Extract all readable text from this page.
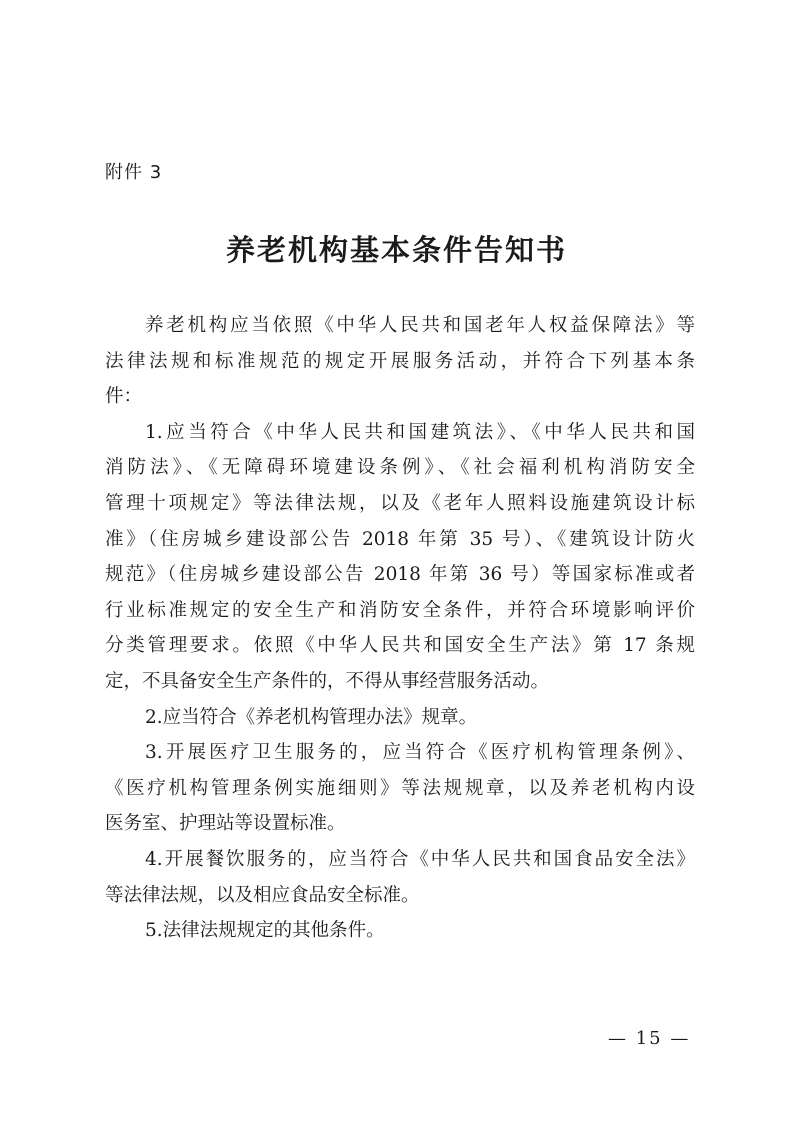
附件 3
养老机构基本条件告知书
养老机构应当依照《中华人民共和国老年人权益保障法》等
法律法规和标准规范的规定开展服务活动，并符合下列基本条
件：
1.应当符合《中华人民共和国建筑法》、《中华人民共和国
消防法》、《无障碍环境建设条例》、《社会福利机构消防安全
管理十项规定》等法律法规，以及《老年人照料设施建筑设计标
准》（住房城乡建设部公告 2018 年第 35 号）、《建筑设计防火
规范》（住房城乡建设部公告 2018 年第 36 号）等国家标准或者
行业标准规定的安全生产和消防安全条件，并符合环境影响评价
分类管理要求。依照《中华人民共和国安全生产法》第 17 条规
定，不具备安全生产条件的，不得从事经营服务活动。
2.应当符合《养老机构管理办法》规章。
3.开展医疗卫生服务的，应当符合《医疗机构管理条例》、
《医疗机构管理条例实施细则》等法规规章，以及养老机构内设
医务室、护理站等设置标准。
4.开展餐饮服务的，应当符合《中华人民共和国食品安全法》
等法律法规，以及相应食品安全标准。
5.法律法规规定的其他条件。
— 15 —
